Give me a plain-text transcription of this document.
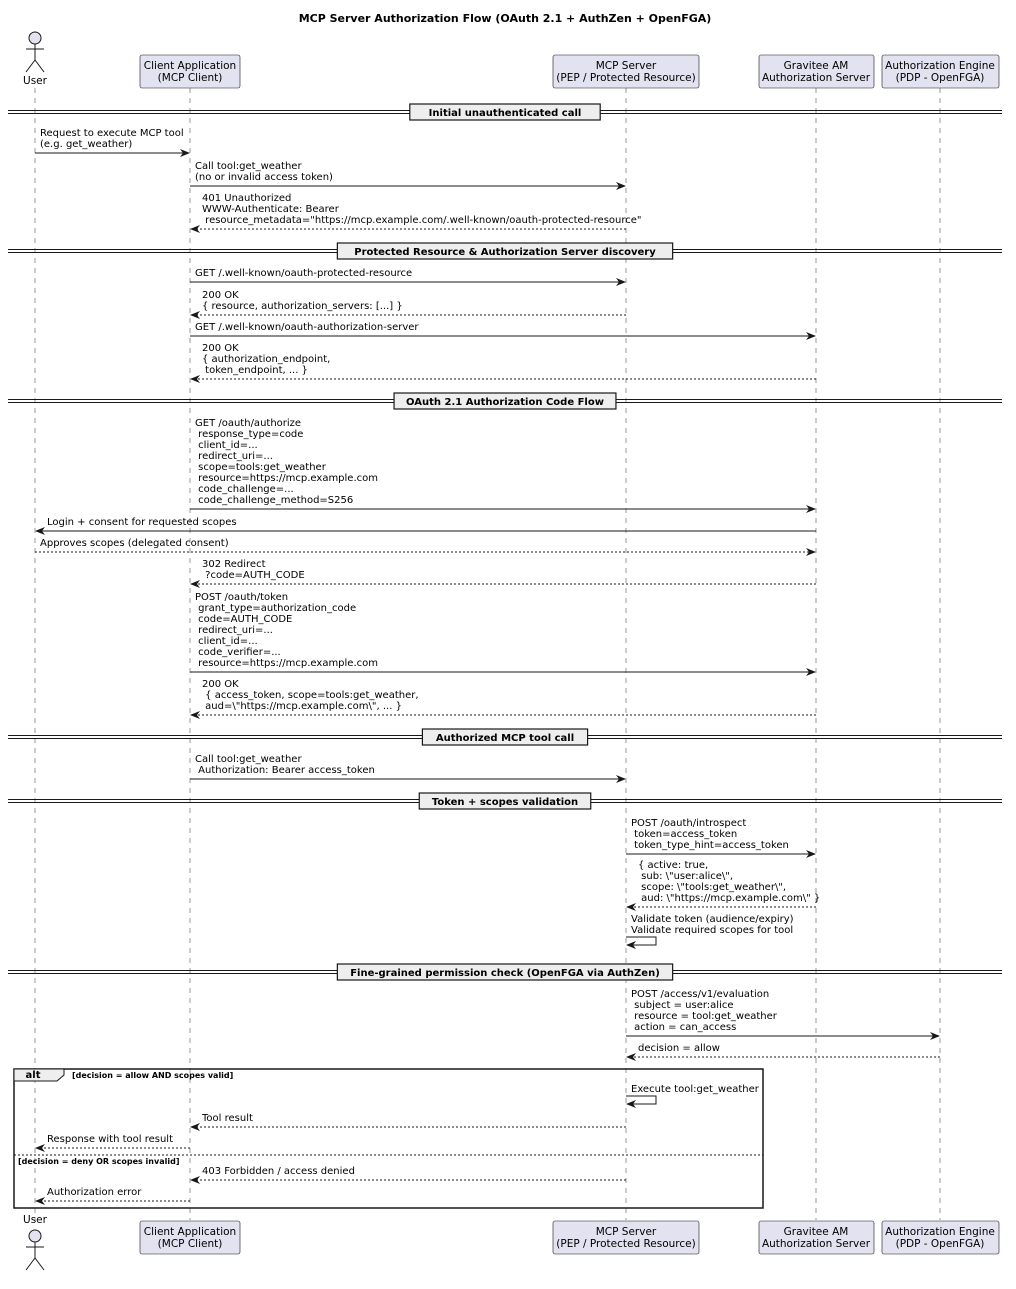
MCP Server Authorization Flow (OAuth 2.1 + AuthZen + OpenFGA)
Initial unauthenticated call
Protected Resource & Authorization Server discovery
OAuth 2.1 Authorization Code Flow
Authorized MCP tool call
Token + scopes validation
Fine-grained permission check (OpenFGA via AuthZen)
alt	[decision = allow AND scopes valid]
[decision = deny OR scopes invalid]
Request to execute MCP tool
(e.g. get_weather)
Call tool:get_weather
(no or invalid access token)
401 Unauthorized
WWW-Authenticate: Bearer
resource_metadata="https://mcp.example.com/.well-known/oauth-protected-resource"
GET /.well-known/oauth-protected-resource
200 OK
{ resource, authorization_servers: [...] }
GET /.well-known/oauth-authorization-server
200 OK
{ authorization_endpoint,
token_endpoint, ... }
GET /oauth/authorize
response_type=code
client_id=...
redirect_uri=...
scope=tools:get_weather
resource=https://mcp.example.com
code_challenge=...
code_challenge_method=S256
Login + consent for requested scopes
Approves scopes (delegated consent)
302 Redirect
?code=AUTH_CODE
POST /oauth/token
grant_type=authorization_code
code=AUTH_CODE
redirect_uri=...
client_id=...
code_verifier=...
resource=https://mcp.example.com
200 OK
{ access_token, scope=tools:get_weather,
aud=\"https://mcp.example.com\", ... }
Call tool:get_weather
Authorization: Bearer access_token
POST /oauth/introspect
token=access_token
token_type_hint=access_token
{ active: true,
sub: \"user:alice\",
scope: \"tools:get_weather\",
aud: \"https://mcp.example.com\" }
Validate token (audience/expiry)
Validate required scopes for tool
POST /access/v1/evaluation
subject = user:alice
resource = tool:get_weather
action = can_access
decision = allow
Execute tool:get_weather
Tool result
Response with tool result
403 Forbidden / access denied
Authorization error
User
User
Client Application
(MCP Client)
Client Application
(MCP Client)
MCP Server
(PEP / Protected Resource)
MCP Server
(PEP / Protected Resource)
Gravitee AM
Authorization Server
Gravitee AM
Authorization Server
Authorization Engine
(PDP - OpenFGA)
Authorization Engine
(PDP - OpenFGA)
